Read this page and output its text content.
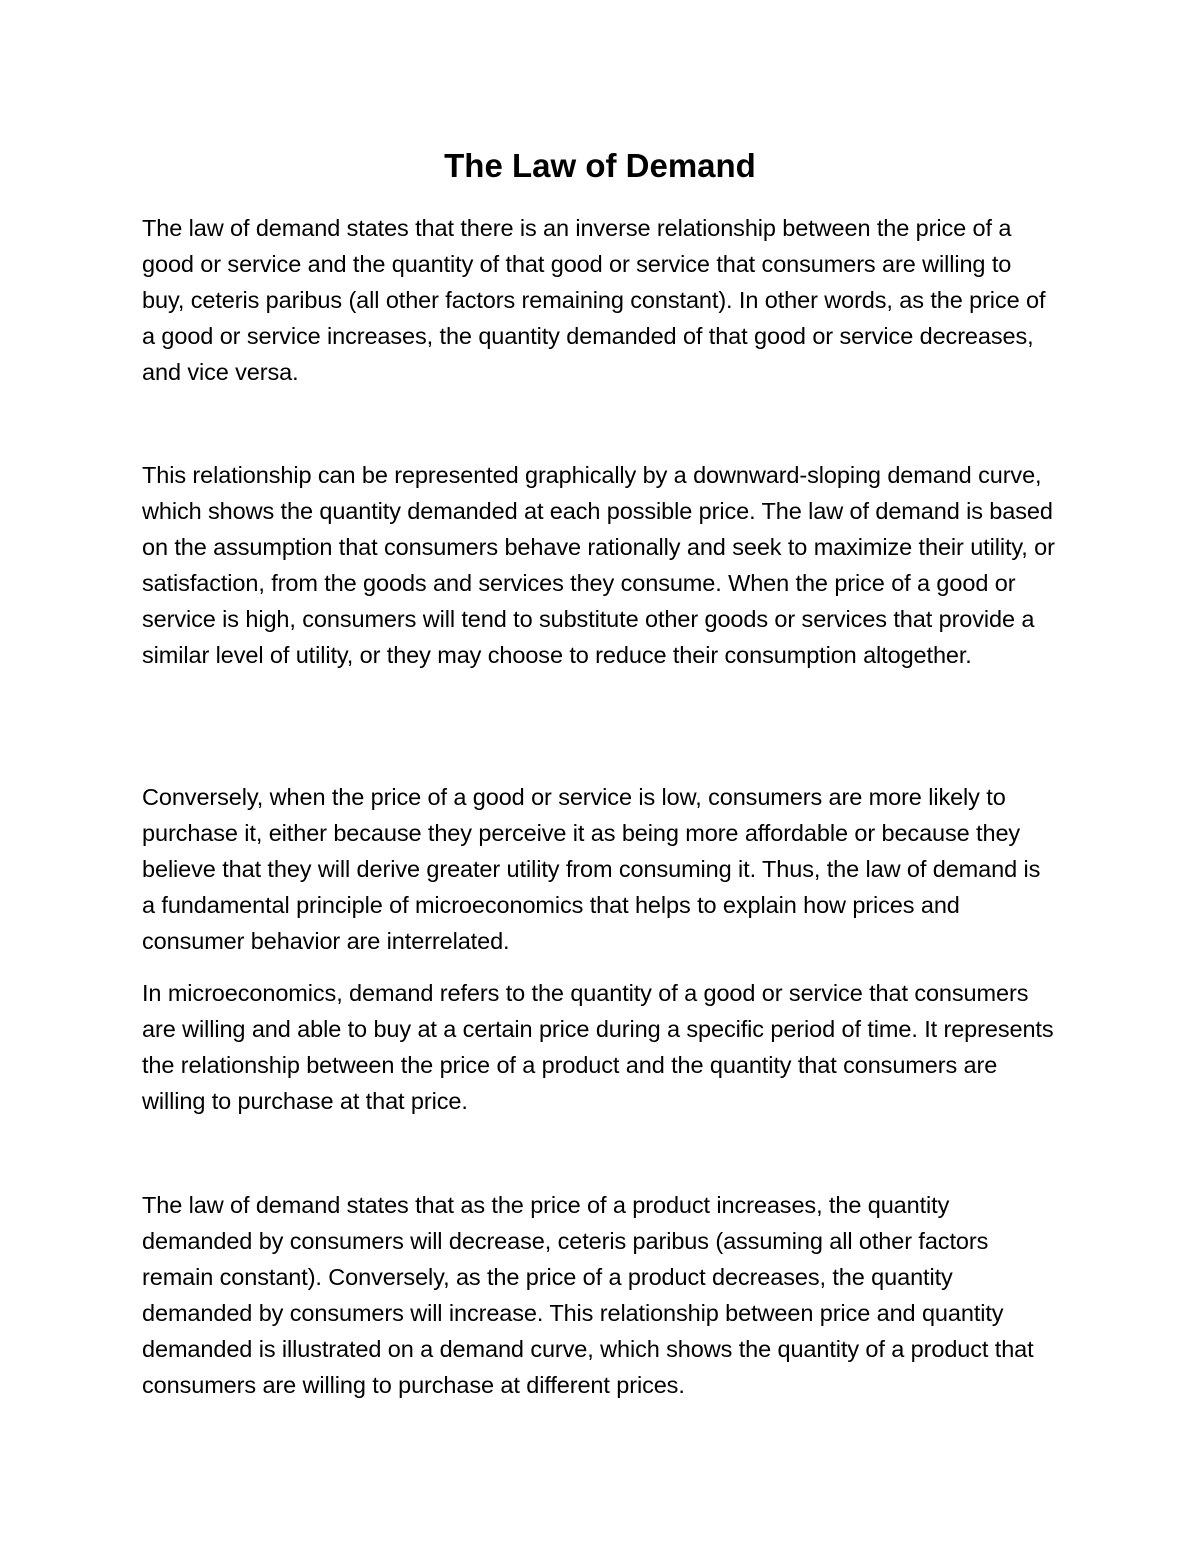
The Law of Demand

The law of demand states that there is an inverse relationship between the price of a good or service and the quantity of that good or service that consumers are willing to buy, ceteris paribus (all other factors remaining constant). In other words, as the price of a good or service increases, the quantity demanded of that good or service decreases, and vice versa.

This relationship can be represented graphically by a downward-sloping demand curve, which shows the quantity demanded at each possible price. The law of demand is based on the assumption that consumers behave rationally and seek to maximize their utility, or satisfaction, from the goods and services they consume. When the price of a good or service is high, consumers will tend to substitute other goods or services that provide a similar level of utility, or they may choose to reduce their consumption altogether.

Conversely, when the price of a good or service is low, consumers are more likely to purchase it, either because they perceive it as being more affordable or because they believe that they will derive greater utility from consuming it. Thus, the law of demand is a fundamental principle of microeconomics that helps to explain how prices and consumer behavior are interrelated.

In microeconomics, demand refers to the quantity of a good or service that consumers are willing and able to buy at a certain price during a specific period of time. It represents the relationship between the price of a product and the quantity that consumers are willing to purchase at that price.

The law of demand states that as the price of a product increases, the quantity demanded by consumers will decrease, ceteris paribus (assuming all other factors remain constant). Conversely, as the price of a product decreases, the quantity demanded by consumers will increase. This relationship between price and quantity demanded is illustrated on a demand curve, which shows the quantity of a product that consumers are willing to purchase at different prices.
